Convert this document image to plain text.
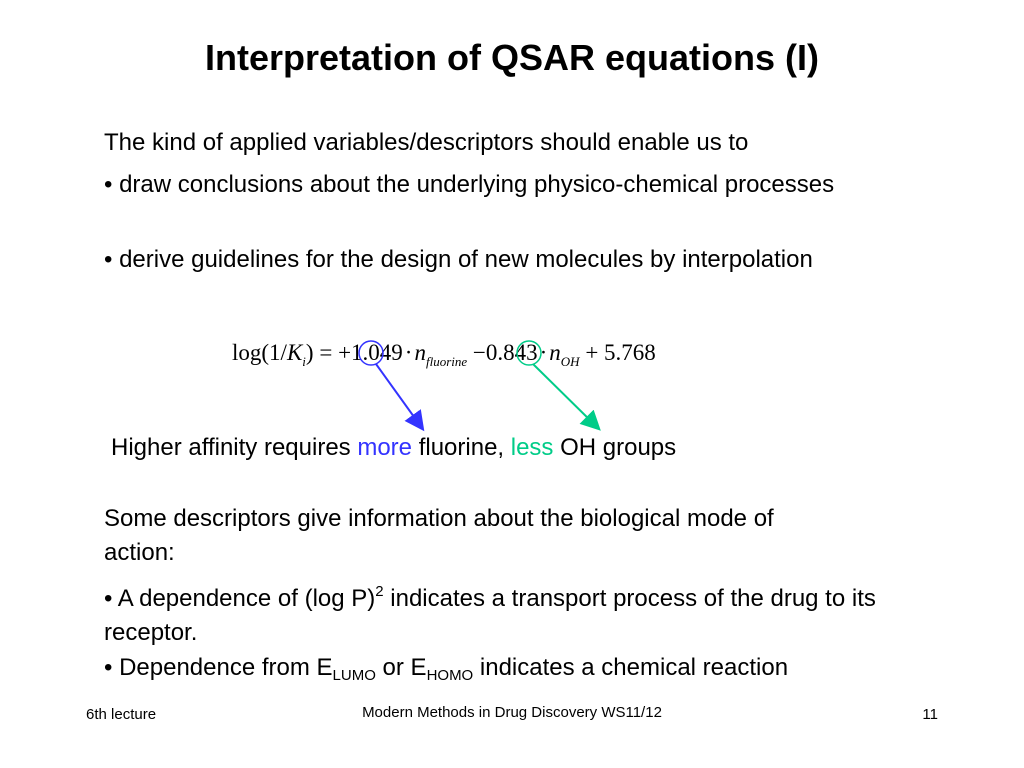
Interpretation of QSAR equations (I)
The kind of applied variables/descriptors should enable us to
• draw conclusions about the underlying physico-chemical processes
• derive guidelines for the design of new molecules by interpolation
$\log(1/K_i) = +1.049\cdot n_{fluorine} -0.843\cdot n_{OH} + 5.768$
Higher affinity requires more fluorine, less OH groups
Some descriptors give information about the biological mode of action:
• A dependence of (log P)$^2$ indicates a transport process of the drug to its receptor.
• Dependence from $E_{LUMO}$ or $E_{HOMO}$ indicates a chemical reaction
6th lecture	Modern Methods in Drug Discovery WS11/12	11
